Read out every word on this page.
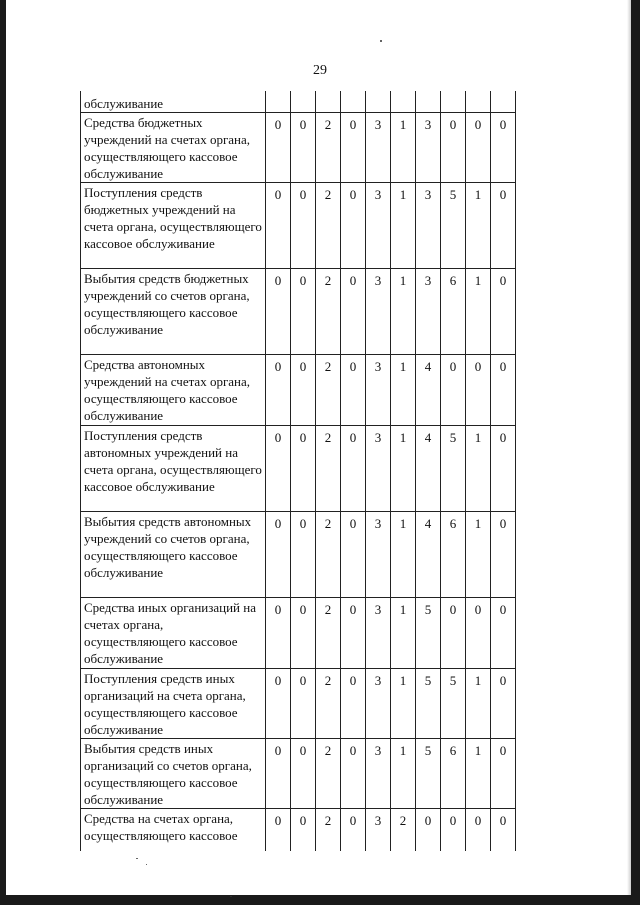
29
обслуживание										
Средства бюджетных учреждений на счетах органа, осуществляющего кассовое обслуживание	0	0	2	0	3	1	3	0	0	0
Поступления средств бюджетных учреждений на счета органа, осуществляющего кассовое обслуживание	0	0	2	0	3	1	3	5	1	0
Выбытия средств бюджетных учреждений со счетов органа, осуществляющего кассовое обслуживание	0	0	2	0	3	1	3	6	1	0
Средства автономных учреждений на счетах органа, осуществляющего кассовое обслуживание	0	0	2	0	3	1	4	0	0	0
Поступления средств автономных учреждений на счета органа, осуществляющего кассовое обслуживание	0	0	2	0	3	1	4	5	1	0
Выбытия средств автономных учреждений со счетов органа, осуществляющего кассовое обслуживание	0	0	2	0	3	1	4	6	1	0
Средства иных организаций на счетах органа, осуществляющего кассовое обслуживание	0	0	2	0	3	1	5	0	0	0
Поступления средств иных организаций на счета органа, осуществляющего кассовое обслуживание	0	0	2	0	3	1	5	5	1	0
Выбытия средств иных организаций со счетов органа, осуществляющего кассовое обслуживание	0	0	2	0	3	1	5	6	1	0
Средства на счетах органа, осуществляющего кассовое	0	0	2	0	3	2	0	0	0	0
